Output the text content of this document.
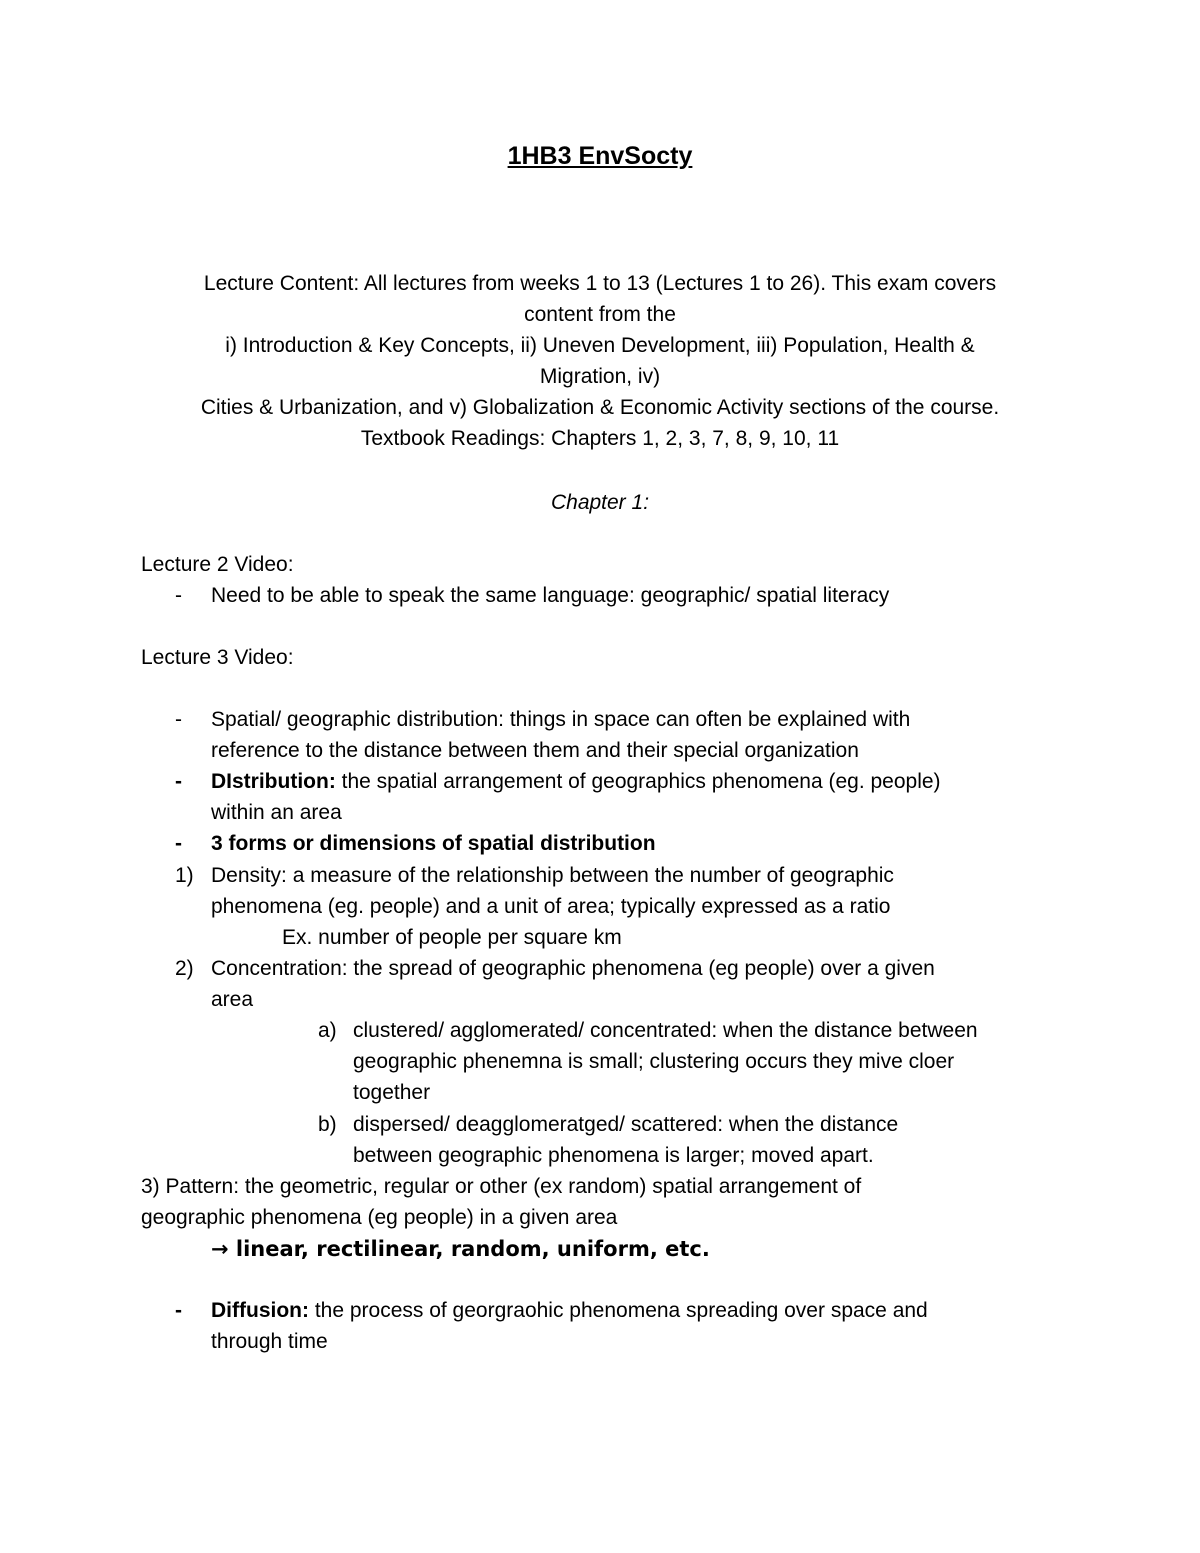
1HB3 EnvSocty
Lecture Content: All lectures from weeks 1 to 13 (Lectures 1 to 26). This exam covers
content from the
i) Introduction & Key Concepts, ii) Uneven Development, iii) Population, Health &
Migration, iv)
Cities & Urbanization, and v) Globalization & Economic Activity sections of the course.
Textbook Readings: Chapters 1, 2, 3, 7, 8, 9, 10, 11
Chapter 1:
Lecture 2 Video:
- Need to be able to speak the same language: geographic/ spatial literacy
Lecture 3 Video:
- Spatial/ geographic distribution: things in space can often be explained with
reference to the distance between them and their special organization
- DIstribution: the spatial arrangement of geographics phenomena (eg. people)
within an area
- 3 forms or dimensions of spatial distribution
1) Density: a measure of the relationship between the number of geographic
phenomena (eg. people) and a unit of area; typically expressed as a ratio
Ex. number of people per square km
2) Concentration: the spread of geographic phenomena (eg people) over a given
area
a) clustered/ agglomerated/ concentrated: when the distance between
geographic phenemna is small; clustering occurs they mive cloer
together
b) dispersed/ deagglomeratged/ scattered: when the distance
between geographic phenomena is larger; moved apart.
3) Pattern: the geometric, regular or other (ex random) spatial arrangement of
geographic phenomena (eg people) in a given area
→ linear, rectilinear, random, uniform, etc.
- Diffusion: the process of georgraohic phenomena spreading over space and
through time
